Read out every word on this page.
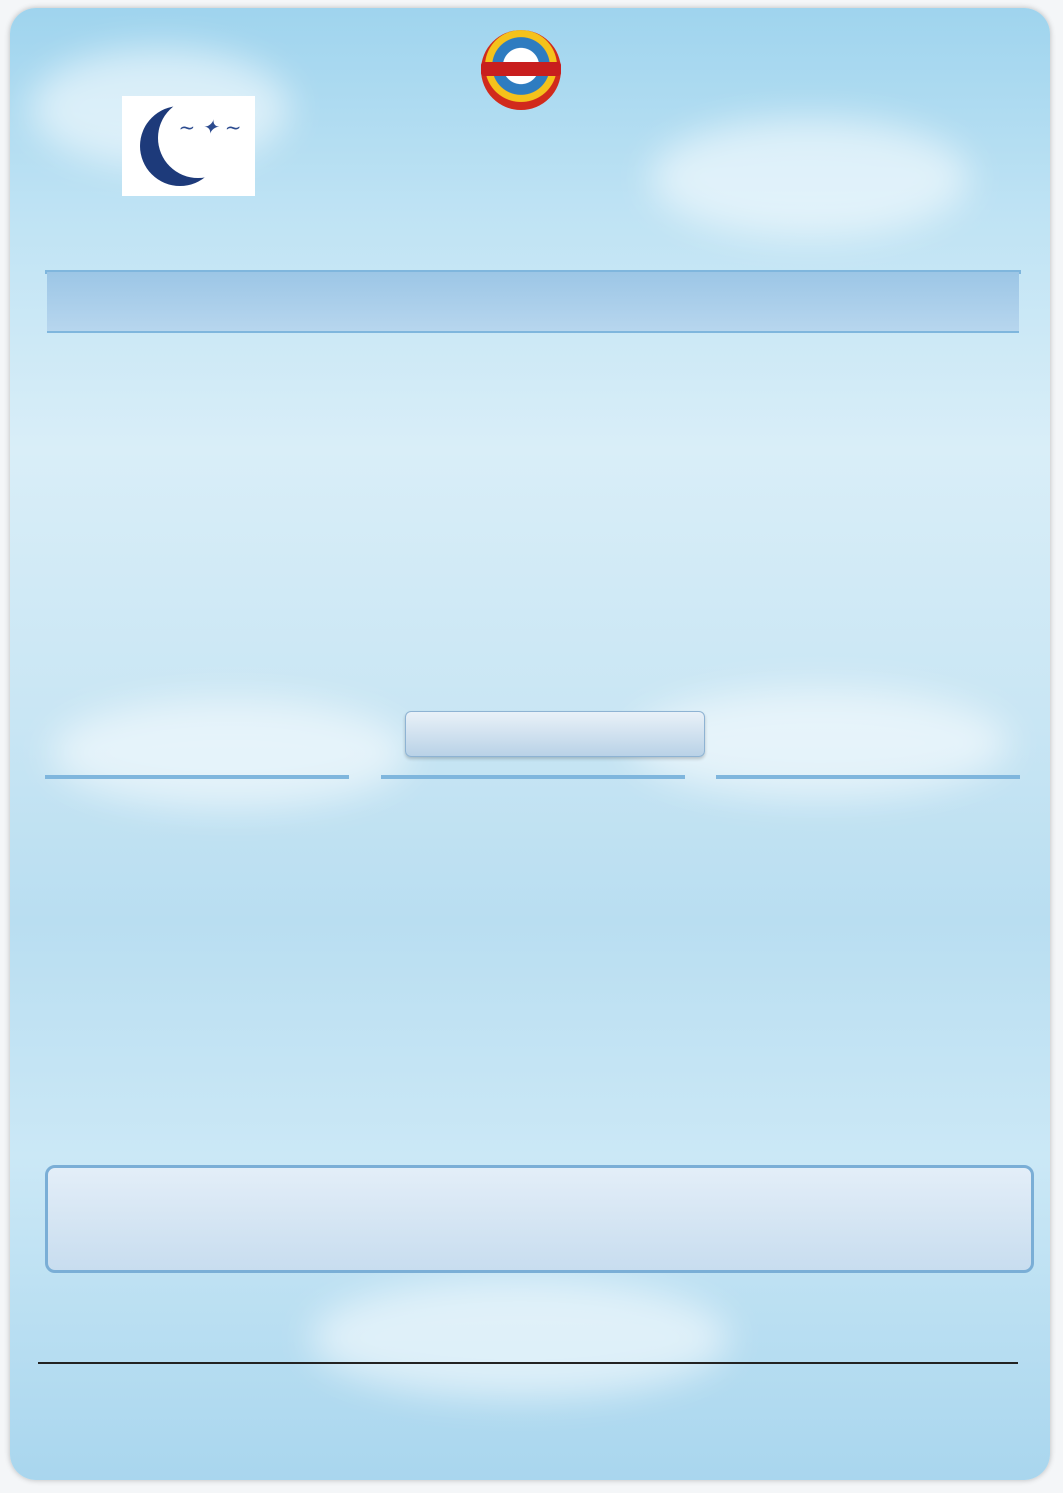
~ ✦ ~
